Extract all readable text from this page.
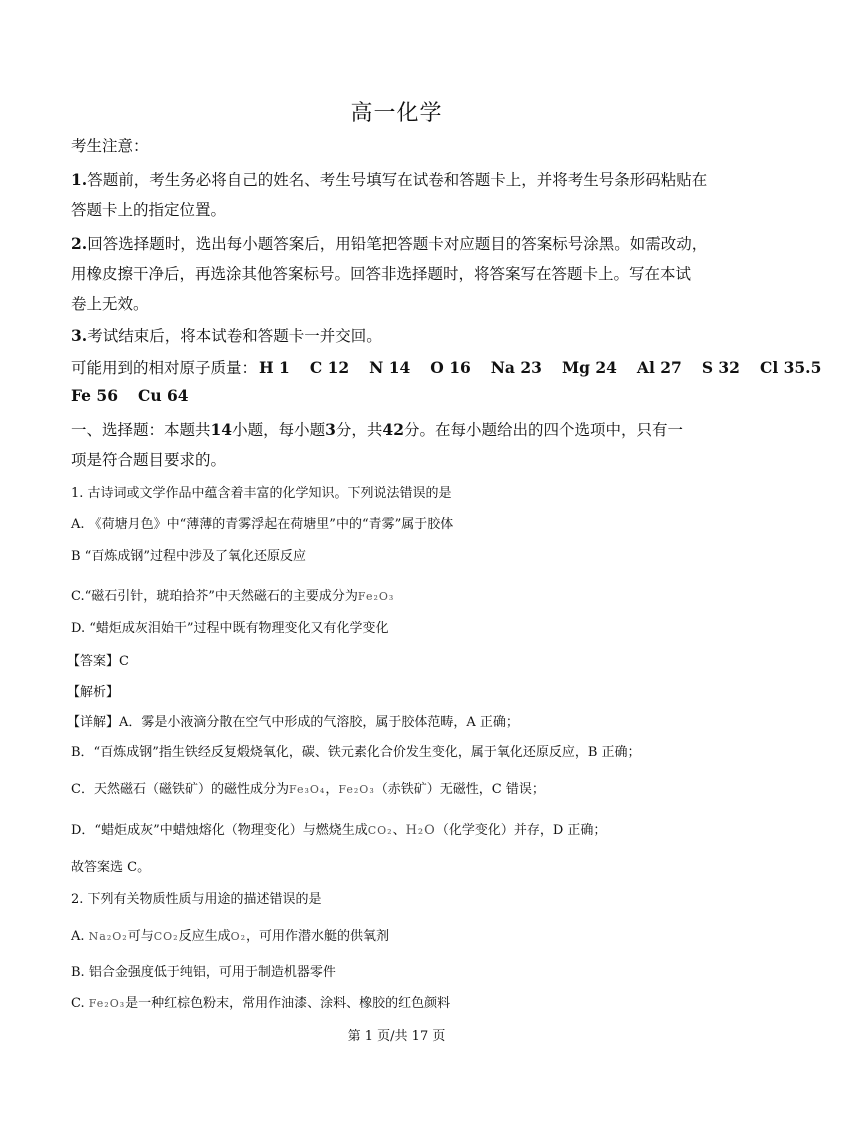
高一化学
考生注意：
1.答题前，考生务必将自己的姓名、考生号填写在试卷和答题卡上，并将考生号条形码粘贴在
答题卡上的指定位置。
2.回答选择题时，选出每小题答案后，用铅笔把答题卡对应题目的答案标号涂黑。如需改动，
用橡皮擦干净后，再选涂其他答案标号。回答非选择题时，将答案写在答题卡上。写在本试
卷上无效。
3.考试结束后，将本试卷和答题卡一并交回。
可能用到的相对原子质量： H 1 C 12 N 14 O 16 Na 23 Mg 24 Al 27 S 32 Cl 35.5
Fe 56 Cu 64
一、选择题：本题共14小题，每小题3分，共42分。在每小题给出的四个选项中，只有一
项是符合题目要求的。
1. 古诗词或文学作品中蕴含着丰富的化学知识。下列说法错误的是
A. 《荷塘月色》中“薄薄的青雾浮起在荷塘里”中的“青雾”属于胶体
B “百炼成钢”过程中涉及了氧化还原反应
C.“磁石引针，琥珀拾芥”中天然磁石的主要成分为Fe₂O₃
D. “蜡炬成灰泪始干”过程中既有物理变化又有化学变化
【答案】C
【解析】
【详解】A．雾是小液滴分散在空气中形成的气溶胶，属于胶体范畴，A 正确；
B．“百炼成钢”指生铁经反复煅烧氧化，碳、铁元素化合价发生变化，属于氧化还原反应，B 正确；
C．天然磁石（磁铁矿）的磁性成分为Fe₃O₄，Fe₂O₃（赤铁矿）无磁性，C 错误；
D．“蜡炬成灰”中蜡烛熔化（物理变化）与燃烧生成CO₂、H₂O（化学变化）并存，D 正确；
故答案选 C。
2. 下列有关物质性质与用途的描述错误的是
A. Na₂O₂可与CO₂反应生成O₂，可用作潜水艇的供氧剂
B. 铝合金强度低于纯铝，可用于制造机器零件
C. Fe₂O₃是一种红棕色粉末，常用作油漆、涂料、橡胶的红色颜料
第 1 页/共 17 页
